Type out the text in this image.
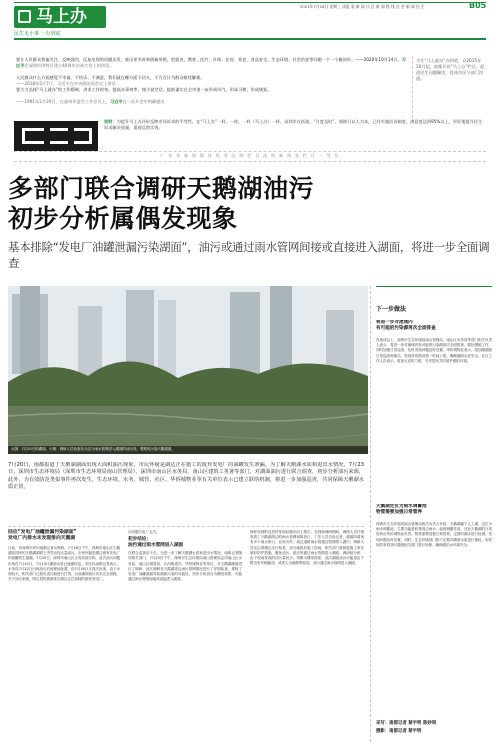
马上办
民生无小事 一办到底
2021年7月28日 星期三 读报 看 新 闻 社 区 新 闻 热 线 社 会 新 闻 民 生	B05

要让人民群众普遍关注，反映强烈，反复出现的问题出发，查出更多改革创新举措，把就业、教育、医疗、社保、住房、养老、食品安全、生态环境、社会治安等问题一个一个解决好。——2020年10月14日，习近平在深圳经济特区建立40周年庆祝大会上的讲话。

人民群众什么方面感觉不幸福、不快乐、不满意，我们就在哪方面下功夫，千方百计为群众排忧解难。

——2018年5月7日，习近平在中央政治局会议上讲话

要大力弘扬“马上就办”的工作精神，讲求工作时效，提高办事效率，使少说空话，提前谋实在全市进一步形成风气，形成习惯，形成规矩。

——1991年2月20日，在福州市委会工作会议上，习近平在一次开会中明确提出

为让“马上就办”办到底，自2015年10月起，南都开设“马上办”栏目，促进民生问题解决，促成市民与部门沟通。

说明：为提升马上办评价反映市场诉求的平等性，在“马上办”一样，一样，一样《马上办》一样，深圳市在街道，“月度及时”。调推行以人为本，已经实施回访制度，满意度达到95%以上，更好地提升民生诉求解决质量，重视反馈实效。

广 东 省 新 闻 媒 体 优 秀 品 牌 栏 目 深 圳 新 闻 奖 栏 目 一 等 奖

多部门联合调研天鹅湖油污
初步分析属偶发现象

基本排除“发电厂油罐泄漏污染湖面”，油污或通过雨水管网间接或直接进入湖面，将进一步全面调查

大图：7月20日的湖面。小图：调研人员检查从为这与雨水管网进入湖面的油污线，观察有污染天鹅湖面。

7月20日，南都报道了天鹅湖湖面出现大面积油污现象，市民怀疑是湖边正在施工的废弃发电厂的油罐发生泄漏。为了解天鹅湖水质和进出水情况，7月23日，深圳市生态环境局（深圳市生态环境局南山管理局）、深圳市南山区水务局、南山区建筑工务署等部门，对湖面油污进行联合调查，初步分析油污来源，此外，为有效防范类似事件再次发生，生态环境、水务、城管、社区、华侨城物业等有关单位表示已建立联络机制，将进一步加强巡查，共同保障天鹅湖水质正常。

回应“发电厂油罐泄漏污染湖面”

发电厂内排水未发现排向天鹅湖

日前，有深圳市民向南都记者反映称，7月16日下午，深圳市南山区天鹅湖花园旁的天鹅湖湖面上突然出现大量油污，市民怀疑是湖边废弃发电厂的油罐发生泄漏。7月20日，深圳市南山区水务局回应称，此次油污问题出现在7月12日，7月14日湖面水质已逐渐恢复。市民向南都记者表示，水务局7月12日出现油污后到现场处置，但7月16日又再次出现，由于水面较大，相关部门已派出清污船进行打捞，目前湖面油污仍未完全清除，关于油污来源，附近居民猜测来自湖边正在拆除的废弃发电厂。

污问题与电厂无关。

初步结论：

油污通过雨水管网进入湖面

在联合巡查后不久，为进一步了解天鹅湖水质和进出水情况，南都记者随同相关部门，7月23日下午，深圳市生态环境局南山管理局会同南山区水务局、南山区城管局、沙河街道办、华侨城物业等单位，对天鹅湖湖面进行了调研。此次调研对天鹅湖周边雨污管网情况进行了详细检查，排除了发电厂油罐泄漏导致湖面污染的可能性，初步分析油污为偶发现象，可能通过雨水管网间接或直接进入湖面。

海杯说到附近居民发现问题后向上报告。在现场调研期间，调研人员仔细查看了天鹅湖周边的雨水管网和排放口，工作人员告诉记者，湖面四周现有多个雨水排口，在雨天时，周边道路雨水将通过管网排入湖中。调研人员还沿着湖边步行检查，部分地段有施工现场，相关部门将督促施工单位做好防护措施，避免油污、泥沙等通过雨水管网进入湖面。调研组分析，由于现场发现的油污量较少，判断为偶发现象，此次湖面油污可能是由于附近有车辆漏油、或者人为倾倒等原因，油污通过雨水管网进入湖面。

下一步做法

将进一步对流域内

有可能的污染源再次全面排查

在座谈会上，深圳市生态环境局南山管理局、南山区水务局等部门相关负责人表示，将进一步对流域内有可能的污染源再次全面排查，做好溯源工作，同时加强日常巡查，及时发现问题及时处置。华侨城物业表示，将加强湖面日常巡查和保洁，发现异常情况第一时间上报，确保湖面水质安全。社区工作人员表示，将加大宣传力度，引导居民共同爱护湖泊环境。

天鹅湖定位为雨水调蓄池

物管需要加强日常管养

深圳市生态环境局南山管理局相关负责人介绍，天鹅湖属于人工湖，定位为雨水调蓄池，主要功能是收集周边雨水，起到调蓄作用。目前天鹅湖的日常管养由华侨城物业负责，物管需要加强日常管养，定期对湖水进行检测，发现问题及时处置。同时，生态环境部门将不定期对湖面水质进行抽检，如发现异常将及时通报相关部门进行处理，确保湖泊水环境安全。

采写：南都记者 蔡宇明 陈妙琪

摄影：南都记者 蔡宇明
